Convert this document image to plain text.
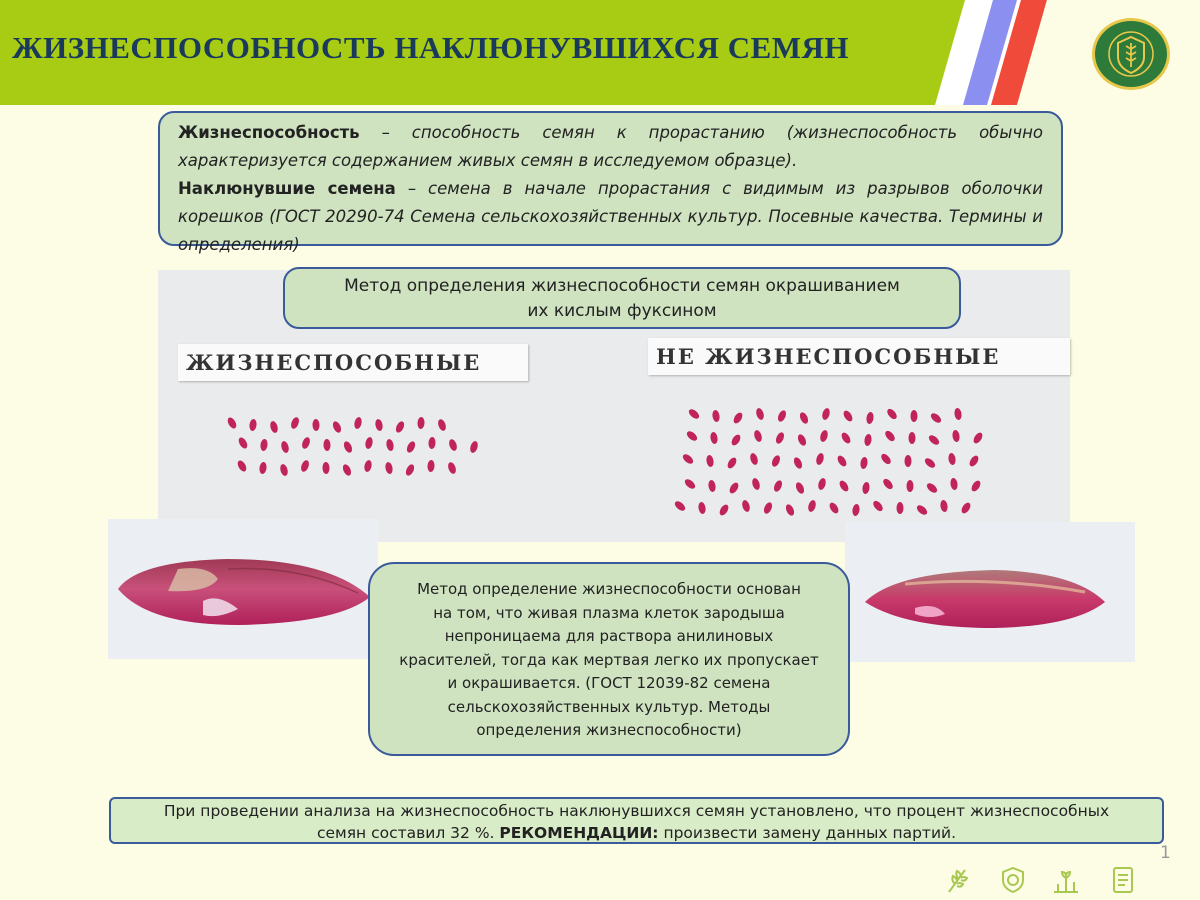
ЖИЗНЕСПОСОБНОСТЬ НАКЛЮНУВШИХСЯ СЕМЯН

Жизнеспособность – способность семян к прорастанию (жизнеспособность обычно характеризуется содержанием живых семян в исследуемом образце).

Наклюнувшие семена – семена в начале прорастания с видимым из разрывов оболочки корешков (ГОСТ 20290-74 Семена сельскохозяйственных культур. Посевные качества. Термины и определения)

ЖИЗНЕСПОСОБНЫЕ	НЕ ЖИЗНЕСПОСОБНЫЕ
Метод определения жизнеспособности семян окрашиванием
их кислым фуксином
Метод определение жизнеспособности основан
на том, что живая плазма клеток зародыша
непроницаема для раствора анилиновых
красителей, тогда как мертвая легко их пропускает
и окрашивается. (ГОСТ 12039-82 семена
сельскохозяйственных культур. Методы
определения жизнеспособности)
При проведении анализа на жизнеспособность наклюнувшихся семян установлено, что процент жизнеспособных
семян составил 32 %. РЕКОМЕНДАЦИИ: произвести замену данных партий.
1
